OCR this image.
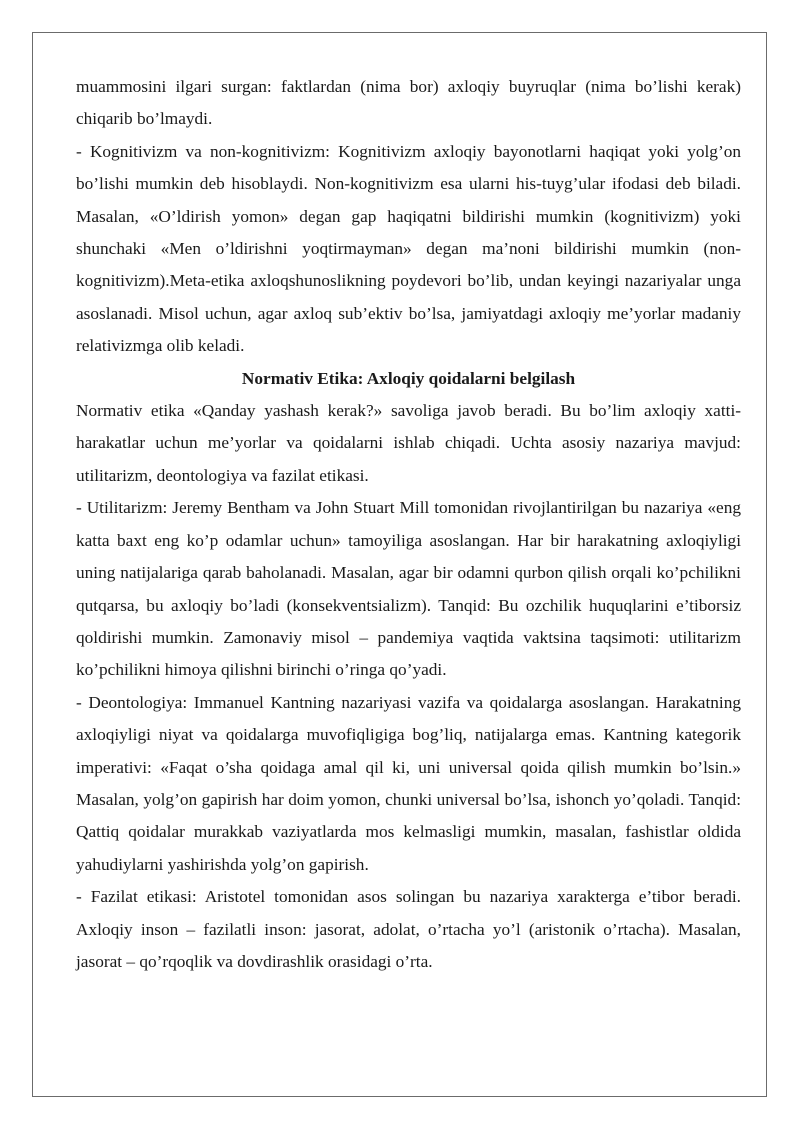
muammosini ilgari surgan: faktlardan (nima bor) axloqiy buyruqlar (nima bo’lishi kerak) chiqarib bo’lmaydi.

- Kognitivizm va non-kognitivizm: Kognitivizm axloqiy bayonotlarni haqiqat yoki yolg’on bo’lishi mumkin deb hisoblaydi. Non-kognitivizm esa ularni his-tuyg’ular ifodasi deb biladi. Masalan, «O’ldirish yomon» degan gap haqiqatni bildirishi mumkin (kognitivizm) yoki shunchaki «Men o’ldirishni yoqtirmayman» degan ma’noni bildirishi mumkin (non-kognitivizm).Meta-etika axloqshunoslikning poydevori bo’lib, undan keyingi nazariyalar unga asoslanadi. Misol uchun, agar axloq sub’ektiv bo’lsa, jamiyatdagi axloqiy me’yorlar madaniy relativizmga olib keladi.

Normativ Etika: Axloqiy qoidalarni belgilash

Normativ etika «Qanday yashash kerak?» savoliga javob beradi. Bu bo’lim axloqiy xatti-harakatlar uchun me’yorlar va qoidalarni ishlab chiqadi. Uchta asosiy nazariya mavjud: utilitarizm, deontologiya va fazilat etikasi.

- Utilitarizm: Jeremy Bentham va John Stuart Mill tomonidan rivojlantirilgan bu nazariya «eng katta baxt eng ko’p odamlar uchun» tamoyiliga asoslangan. Har bir harakatning axloqiyligi uning natijalariga qarab baholanadi. Masalan, agar bir odamni qurbon qilish orqali ko’pchilikni qutqarsa, bu axloqiy bo’ladi (konsekventsializm). Tanqid: Bu ozchilik huquqlarini e’tiborsiz qoldirishi mumkin. Zamonaviy misol – pandemiya vaqtida vaktsina taqsimoti: utilitarizm ko’pchilikni himoya qilishni birinchi o’ringa qo’yadi.

- Deontologiya: Immanuel Kantning nazariyasi vazifa va qoidalarga asoslangan. Harakatning axloqiyligi niyat va qoidalarga muvofiqligiga bog’liq, natijalarga emas. Kantning kategorik imperativi: «Faqat o’sha qoidaga amal qil ki, uni universal qoida qilish mumkin bo’lsin.» Masalan, yolg’on gapirish har doim yomon, chunki universal bo’lsa, ishonch yo’qoladi. Tanqid: Qattiq qoidalar murakkab vaziyatlarda mos kelmasligi mumkin, masalan, fashistlar oldida yahudiylarni yashirishda yolg’on gapirish.

- Fazilat etikasi: Aristotel tomonidan asos solingan bu nazariya xarakterga e’tibor beradi. Axloqiy inson – fazilatli inson: jasorat, adolat, o’rtacha yo’l (aristonik o’rtacha). Masalan, jasorat – qo’rqoqlik va dovdirashlik orasidagi o’rta.
